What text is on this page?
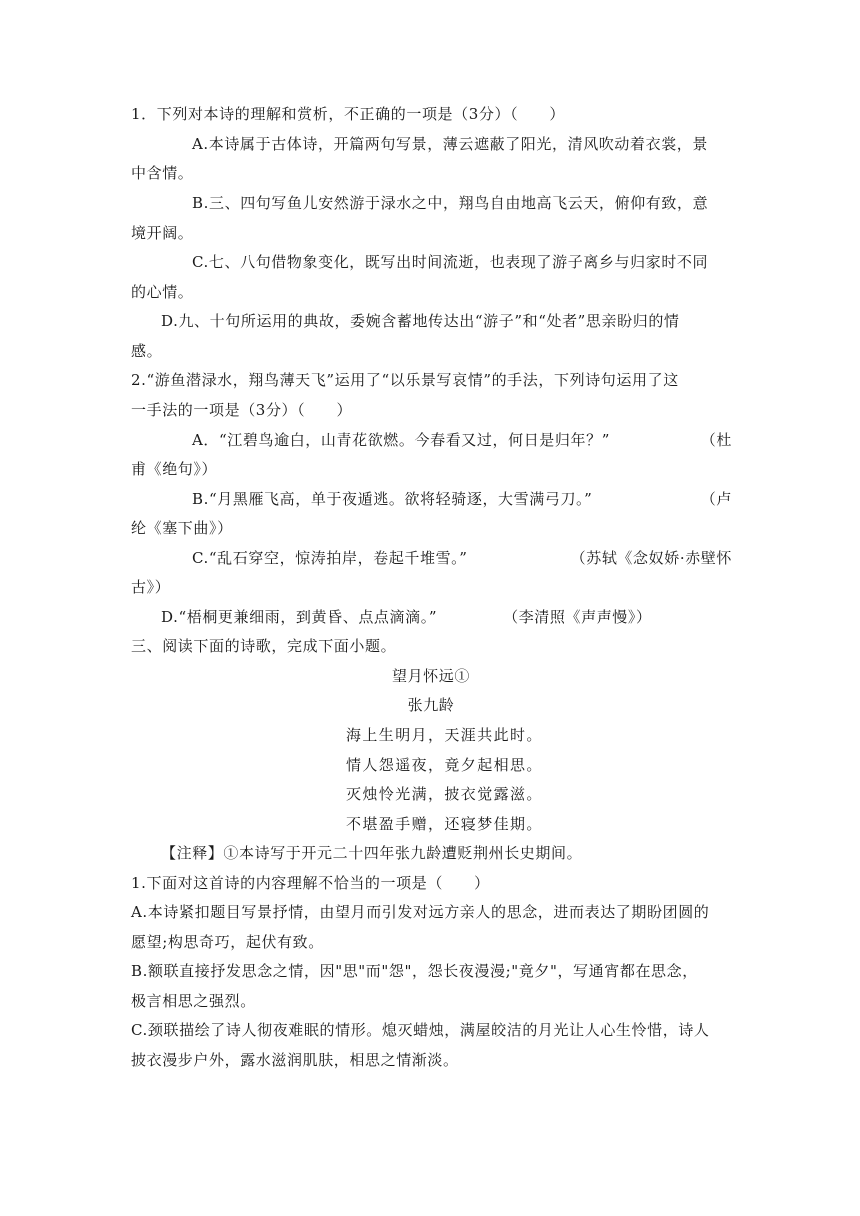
1．下列对本诗的理解和赏析，不正确的一项是（3分）（　　）
A.本诗属于古体诗，开篇两句写景，薄云遮蔽了阳光，清风吹动着衣裳，景
中含情。
B.三、四句写鱼儿安然游于渌水之中，翔鸟自由地高飞云天，俯仰有致，意
境开阔。
C.七、八句借物象变化，既写出时间流逝，也表现了游子离乡与归家时不同
的心情。
D.九、十句所运用的典故，委婉含蓄地传达出“游子”和“处者”思亲盼归的情
感。
2.“游鱼潜渌水，翔鸟薄天飞”运用了“以乐景写哀情”的手法，下列诗句运用了这
一手法的一项是（3分）（　　）
A．“江碧鸟逾白，山青花欲燃。今春看又过，何日是归年？”	（杜
甫《绝句》）
B.“月黑雁飞高，单于夜遁逃。欲将轻骑逐，大雪满弓刀。”	（卢
纶《塞下曲》）
C.“乱石穿空，惊涛拍岸，卷起千堆雪。”	（苏轼《念奴娇·赤壁怀
古》）
D.“梧桐更兼细雨，到黄昏、点点滴滴。”	（李清照《声声慢》）
三、阅读下面的诗歌，完成下面小题。
望月怀远①
张九龄
海上生明月，天涯共此时。
情人怨遥夜，竟夕起相思。
灭烛怜光满，披衣觉露滋。
不堪盈手赠，还寝梦佳期。
【注释】①本诗写于开元二十四年张九龄遭贬荆州长史期间。
1.下面对这首诗的内容理解不恰当的一项是（　　）
A.本诗紧扣题目写景抒情，由望月而引发对远方亲人的思念，进而表达了期盼团圆的
愿望;构思奇巧，起伏有致。
B.额联直接抒发思念之情，因"思"而"怨"，怨长夜漫漫;"竟夕"，写通宵都在思念，
极言相思之强烈。
C.颈联描绘了诗人彻夜难眠的情形。熄灭蜡烛，满屋皎洁的月光让人心生怜惜，诗人
披衣漫步户外，露水滋润肌肤，相思之情渐淡。
